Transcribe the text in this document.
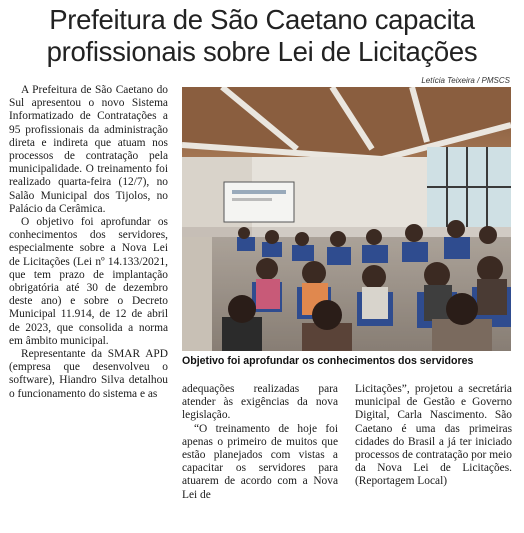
Prefeitura de São Caetano capacita
profissionais sobre Lei de Licitações
Letícia Teixeira / PMSCS

A Prefeitura de São Caetano do Sul apresentou o novo Sistema Informatizado de Contratações a 95 profissionais da administração direta e indireta que atuam nos processos de contratação pela municipalidade. O treinamento foi realizado quarta-feira (12/7), no Salão Municipal dos Tijolos, no Palácio da Cerâmica.

O objetivo foi aprofundar os conhecimentos dos servidores, especialmente sobre a Nova Lei de Licitações (Lei nº 14.133/2021, que tem prazo de implantação obrigatória até 30 de dezembro deste ano) e sobre o Decreto Municipal 11.914, de 12 de abril de 2023, que consolida a norma em âmbito municipal.

Representante da SMAR APD (empresa que desenvolveu o software), Hiandro Silva detalhou o funcionamento do sistema e as

Objetivo foi aprofundar os conhecimentos dos servidores

adequações realizadas para atender às exigências da nova legislação.

“O treinamento de hoje foi apenas o primeiro de muitos que estão planejados com vistas a capacitar os servidores para atuarem de acordo com a Nova Lei de

Licitações”, projetou a secretária municipal de Gestão e Governo Digital, Carla Nascimento. São Caetano é uma das primeiras cidades do Brasil a já ter iniciado processos de contratação por meio da Nova Lei de Licitações. (Reportagem Local)
